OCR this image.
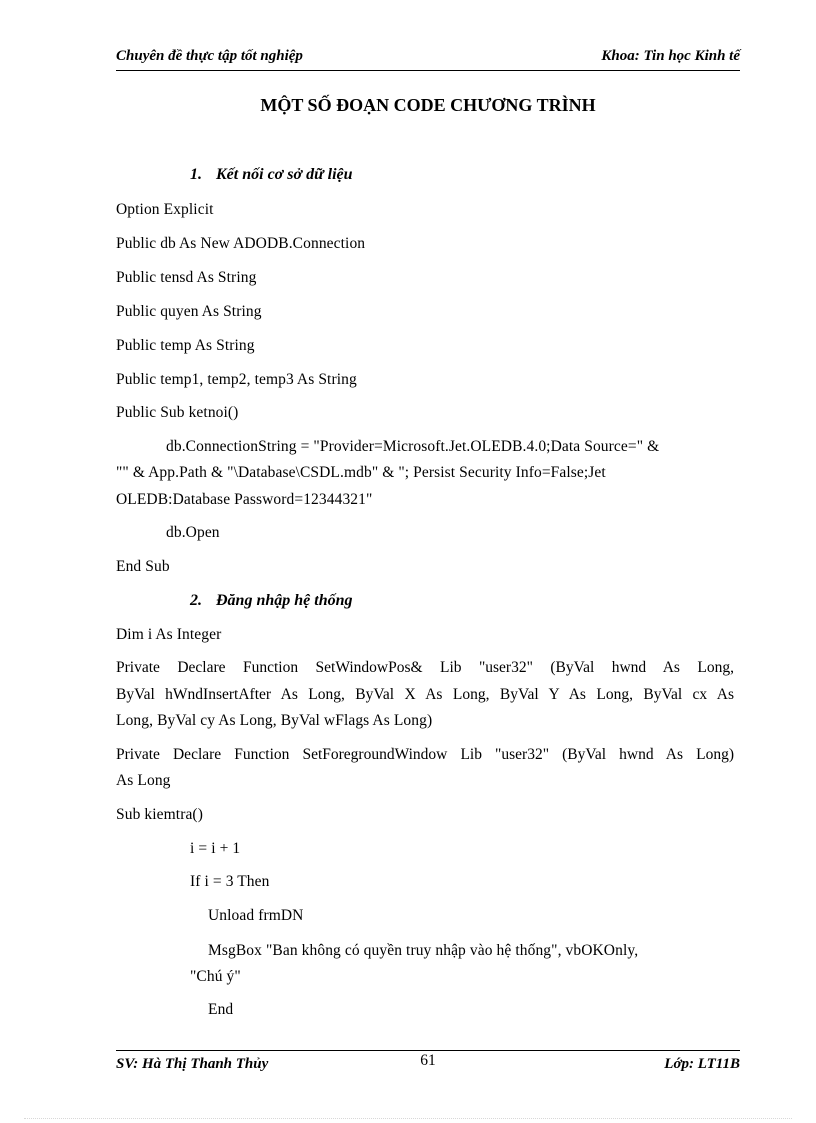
Chuyên đề thực tập tốt nghiệp	Khoa: Tin học Kinh tế
MỘT SỐ ĐOẠN CODE CHƯƠNG TRÌNH
1. Kết nối cơ sở dữ liệu
Option Explicit
Public db As New ADODB.Connection
Public tensd As String
Public quyen As String
Public temp As String
Public temp1, temp2, temp3 As String
Public Sub ketnoi()
db.ConnectionString = "Provider=Microsoft.Jet.OLEDB.4.0;Data Source=" &
"" & App.Path & "\Database\CSDL.mdb" & "; Persist Security Info=False;Jet
OLEDB:Database Password=12344321"
db.Open
End Sub
2. Đăng nhập hệ thống
Dim i As Integer
Private Declare Function SetWindowPos& Lib "user32" (ByVal hwnd As Long,
ByVal hWndInsertAfter As Long, ByVal X As Long, ByVal Y As Long, ByVal cx As
Long, ByVal cy As Long, ByVal wFlags As Long)
Private Declare Function SetForegroundWindow Lib "user32" (ByVal hwnd As Long)
As Long
Sub kiemtra()
i = i + 1
If i = 3 Then
Unload frmDN
MsgBox "Ban không có quyền truy nhập vào hệ thống", vbOKOnly,
"Chú ý"
End
SV: Hà Thị Thanh Thủy	Lớp: LT11B
61
